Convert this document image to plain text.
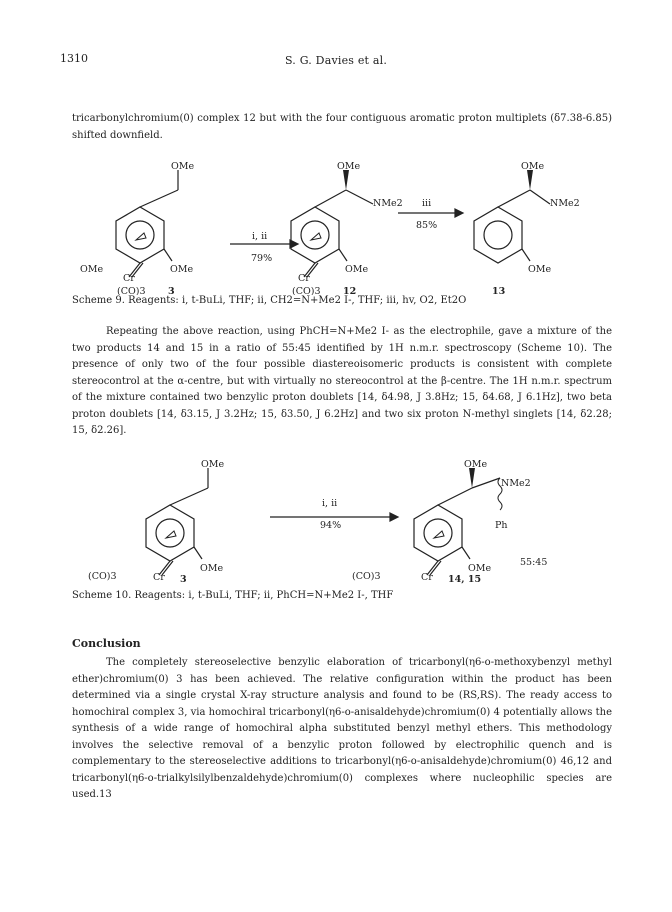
1310	S. G. Davies et al.
tricarbonylchromium(0) complex 12 but with the four contiguous aromatic proton multiplets (δ7.38-6.85) shifted downfield.
OMe
OMe
OMe
Cr
(CO)3 3
i, ii
79%
OMe
NMe2
OMe
Cr
(CO)3 12
iii
85%
OMe
NMe2
OMe
13
Scheme 9. Reagents: i, t-BuLi, THF; ii, CH2=N+Me2 I-, THF; iii, hv, O2, Et2O
Repeating the above reaction, using PhCH=N+Me2 I- as the electrophile, gave a mixture of the two products 14 and 15 in a ratio of 55:45 identified by 1H n.m.r. spectroscopy (Scheme 10). The presence of only two of the four possible diastereoisomeric products is consistent with complete stereocontrol at the α-centre, but with virtually no stereocontrol at the β-centre. The 1H n.m.r. spectrum of the mixture contained two benzylic proton doublets [14, δ4.98, J 3.8Hz; 15, δ4.68, J 6.1Hz], two beta proton doublets [14, δ3.15, J 3.2Hz; 15, δ3.50, J 6.2Hz] and two six proton N-methyl singlets [14, δ2.28; 15, δ2.26].
OMe
OMe
Cr 3
i, ii
94%
OMe
NMe2
Ph
OMe
Cr
55:45
14, 15
(CO)3	(CO)3
Scheme 10. Reagents: i, t-BuLi, THF; ii, PhCH=N+Me2 I-, THF
Conclusion
The completely stereoselective benzylic elaboration of tricarbonyl(η6-o-methoxybenzyl methyl ether)chromium(0) 3 has been achieved. The relative configuration within the product has been determined via a single crystal X-ray structure analysis and found to be (RS,RS). The ready access to homochiral complex 3, via homochiral tricarbonyl(η6-o-anisaldehyde)chromium(0) 4 potentially allows the synthesis of a wide range of homochiral alpha substituted benzyl methyl ethers. This methodology involves the selective removal of a benzylic proton followed by electrophilic quench and is complementary to the stereoselective additions to tricarbonyl(η6-o-anisaldehyde)chromium(0) 46,12 and tricarbonyl(η6-o-trialkylsilylbenzaldehyde)chromium(0) complexes where nucleophilic species are used.13
